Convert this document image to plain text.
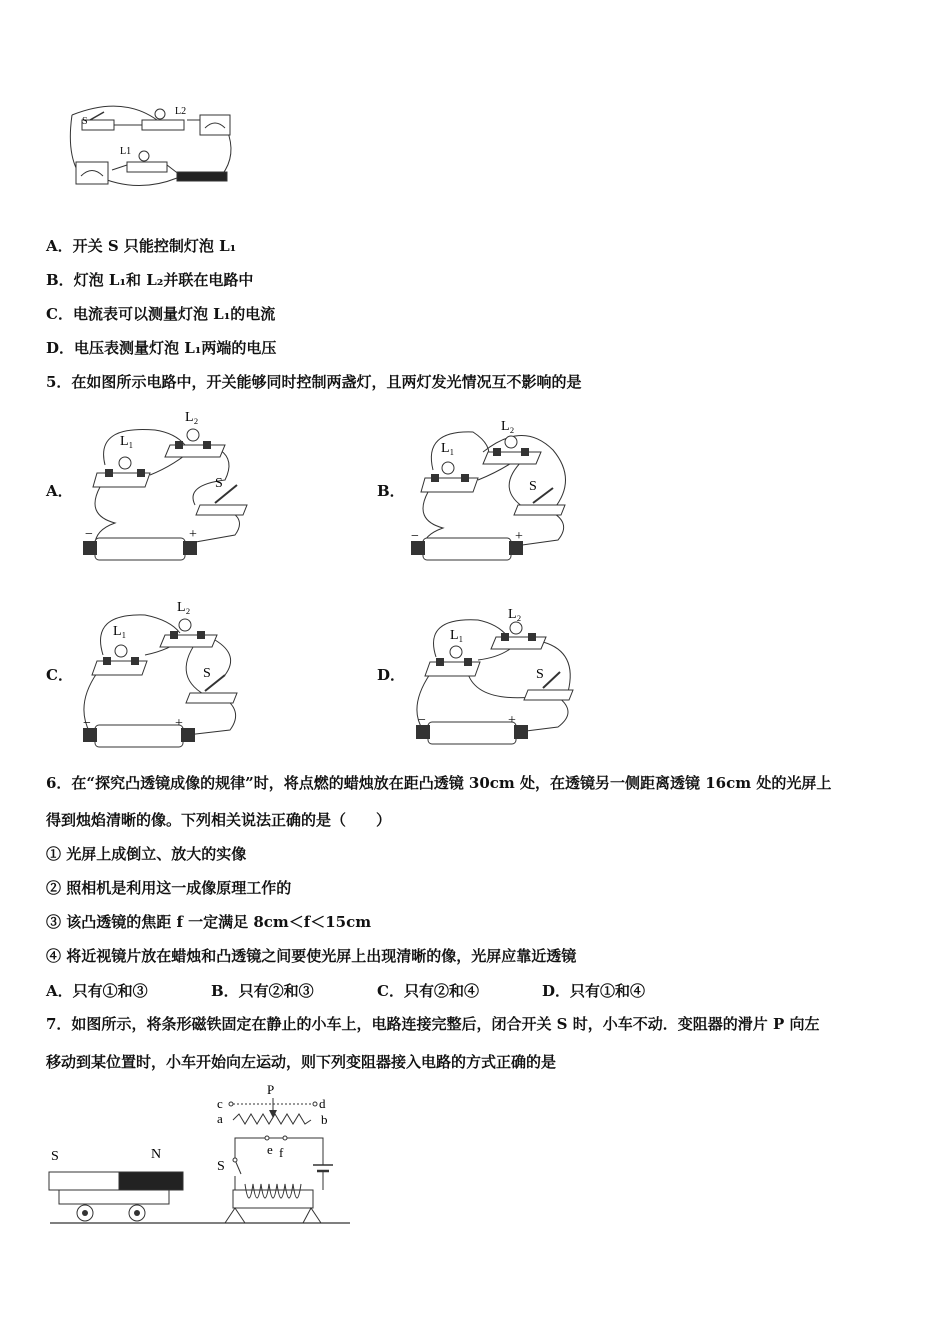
S
L2
L1
A．开关 S 只能控制灯泡 L₁
B．灯泡 L₁和 L₂并联在电路中
C．电流表可以测量灯泡 L₁的电流
D．电压表测量灯泡 L₁两端的电压
5．在如图所示电路中，开关能够同时控制两盏灯，且两灯发光情况互不影响的是
A．	B．
C．	D．
L₁
L₂
S
−	+
L₁
L₂
S
−	+
L₁
L₂
S
−	+
L₁
L₂
S
−	+
6．在“探究凸透镜成像的规律”时，将点燃的蜡烛放在距凸透镜 30cm 处，在透镜另一侧距离透镜 16cm 处的光屏上
得到烛焰清晰的像。下列相关说法正确的是（　　）
① 光屏上成倒立、放大的实像
② 照相机是利用这一成像原理工作的
③ 该凸透镜的焦距 f 一定满足 8cm＜f＜15cm
④ 将近视镜片放在蜡烛和凸透镜之间要使光屏上出现清晰的像，光屏应靠近透镜
A．只有①和③	B．只有②和③	C．只有②和④	D．只有①和④
7．如图所示，将条形磁铁固定在静止的小车上，电路连接完整后，闭合开关 S 时，小车不动．变阻器的滑片 P 向左
移动到某位置时，小车开始向左运动，则下列变阻器接入电路的方式正确的是
S	N
P
c	d
a	b
e f
S
